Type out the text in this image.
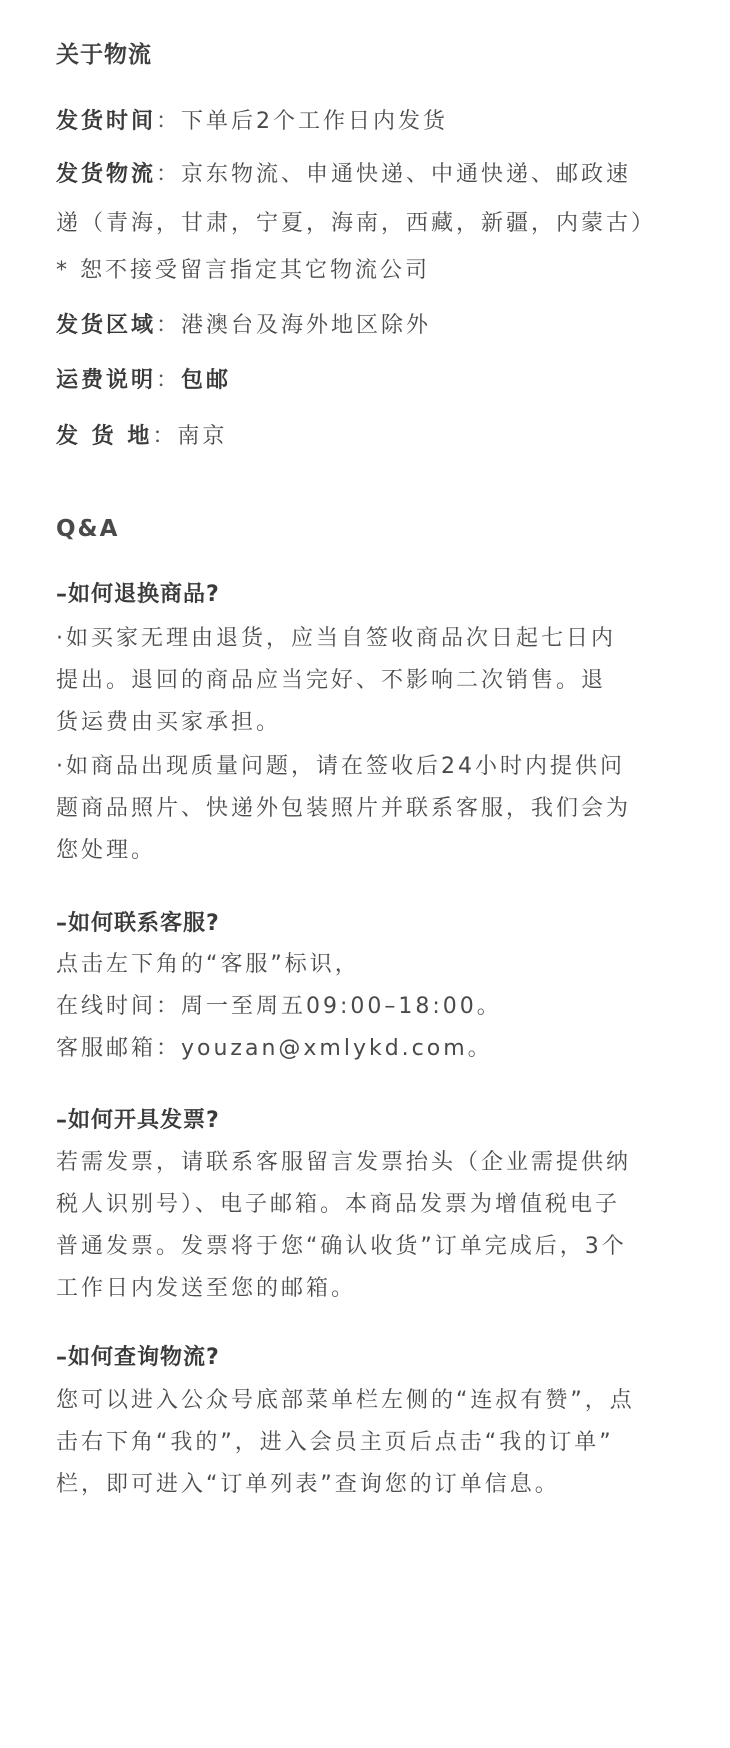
关于物流

发货时间：下单后2个工作日内发货

发货物流：京东物流、申通快递、中通快递、邮政速

递（青海，甘肃，宁夏，海南，西藏，新疆，内蒙古）

* 恕不接受留言指定其它物流公司

发货区域：港澳台及海外地区除外

运费说明：包邮

发 货 地：南京

Q&A

–如何退换商品?

·如买家无理由退货，应当自签收商品次日起七日内

提出。退回的商品应当完好、不影响二次销售。退

货运费由买家承担。

·如商品出现质量问题，请在签收后24小时内提供问

题商品照片、快递外包装照片并联系客服，我们会为

您处理。

–如何联系客服?

点击左下角的“客服”标识，

在线时间：周一至周五09:00–18:00。

客服邮箱：youzan@xmlykd.com。

–如何开具发票?

若需发票，请联系客服留言发票抬头（企业需提供纳

税人识别号）、电子邮箱。本商品发票为增值税电子

普通发票。发票将于您“确认收货”订单完成后，3个

工作日内发送至您的邮箱。

–如何查询物流?

您可以进入公众号底部菜单栏左侧的“连叔有赞”，点

击右下角“我的”，进入会员主页后点击“我的订单”

栏，即可进入“订单列表”查询您的订单信息。
